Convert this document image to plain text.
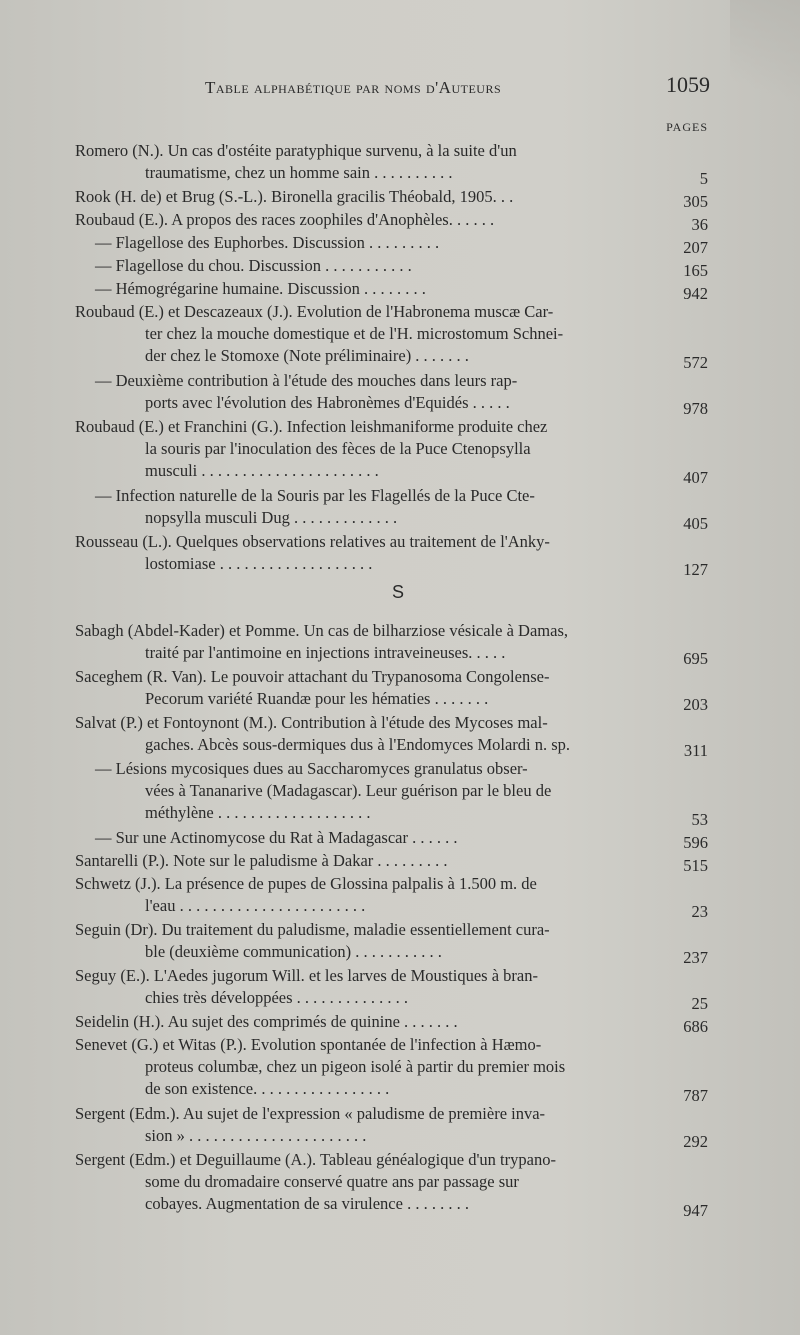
Table alphabétique par noms d'Auteurs	1059
PAGES
S
Romero (N.). Un cas d'ostéite paratyphique survenu, à la suite d'un
traumatisme, chez un homme sain . . . . . . . . . .	5
Rook (H. de) et Brug (S.-L.). Bironella gracilis Théobald, 1905. . .	305
Roubaud (E.). A propos des races zoophiles d'Anophèles. . . . . .	36
— Flagellose des Euphorbes. Discussion . . . . . . . . .	207
— Flagellose du chou. Discussion . . . . . . . . . . .	165
— Hémogrégarine humaine. Discussion . . . . . . . .	942
Roubaud (E.) et Descazeaux (J.). Evolution de l'Habronema muscæ Car-
ter chez la mouche domestique et de l'H. microstomum Schnei-
der chez le Stomoxe (Note préliminaire) . . . . . . .	572
— Deuxième contribution à l'étude des mouches dans leurs rap-
ports avec l'évolution des Habronèmes d'Equidés . . . . .	978
Roubaud (E.) et Franchini (G.). Infection leishmaniforme produite chez
la souris par l'inoculation des fèces de la Puce Ctenopsylla
musculi . . . . . . . . . . . . . . . . . . . . . .	407
— Infection naturelle de la Souris par les Flagellés de la Puce Cte-
nopsylla musculi Dug . . . . . . . . . . . . .	405
Rousseau (L.). Quelques observations relatives au traitement de l'Anky-
lostomiase . . . . . . . . . . . . . . . . . . .	127
Sabagh (Abdel-Kader) et Pomme. Un cas de bilharziose vésicale à Damas,
traité par l'antimoine en injections intraveineuses. . . . .	695
Saceghem (R. Van). Le pouvoir attachant du Trypanosoma Congolense-
Pecorum variété Ruandæ pour les hématies . . . . . . .	203
Salvat (P.) et Fontoynont (M.). Contribution à l'étude des Mycoses mal-
gaches. Abcès sous-dermiques dus à l'Endomyces Molardi n. sp.	311
— Lésions mycosiques dues au Saccharomyces granulatus obser-
vées à Tananarive (Madagascar). Leur guérison par le bleu de
méthylène . . . . . . . . . . . . . . . . . . .	53
— Sur une Actinomycose du Rat à Madagascar . . . . . .	596
Santarelli (P.). Note sur le paludisme à Dakar . . . . . . . . .	515
Schwetz (J.). La présence de pupes de Glossina palpalis à 1.500 m. de
l'eau . . . . . . . . . . . . . . . . . . . . . . .	23
Seguin (Dr). Du traitement du paludisme, maladie essentiellement cura-
ble (deuxième communication) . . . . . . . . . . .	237
Seguy (E.). L'Aedes jugorum Will. et les larves de Moustiques à bran-
chies très développées . . . . . . . . . . . . . .	25
Seidelin (H.). Au sujet des comprimés de quinine . . . . . . .	686
Senevet (G.) et Witas (P.). Evolution spontanée de l'infection à Hæmo-
proteus columbæ, chez un pigeon isolé à partir du premier mois
de son existence. . . . . . . . . . . . . . . . .	787
Sergent (Edm.). Au sujet de l'expression « paludisme de première inva-
sion » . . . . . . . . . . . . . . . . . . . . . .	292
Sergent (Edm.) et Deguillaume (A.). Tableau généalogique d'un trypano-
some du dromadaire conservé quatre ans par passage sur
cobayes. Augmentation de sa virulence . . . . . . . .	947
